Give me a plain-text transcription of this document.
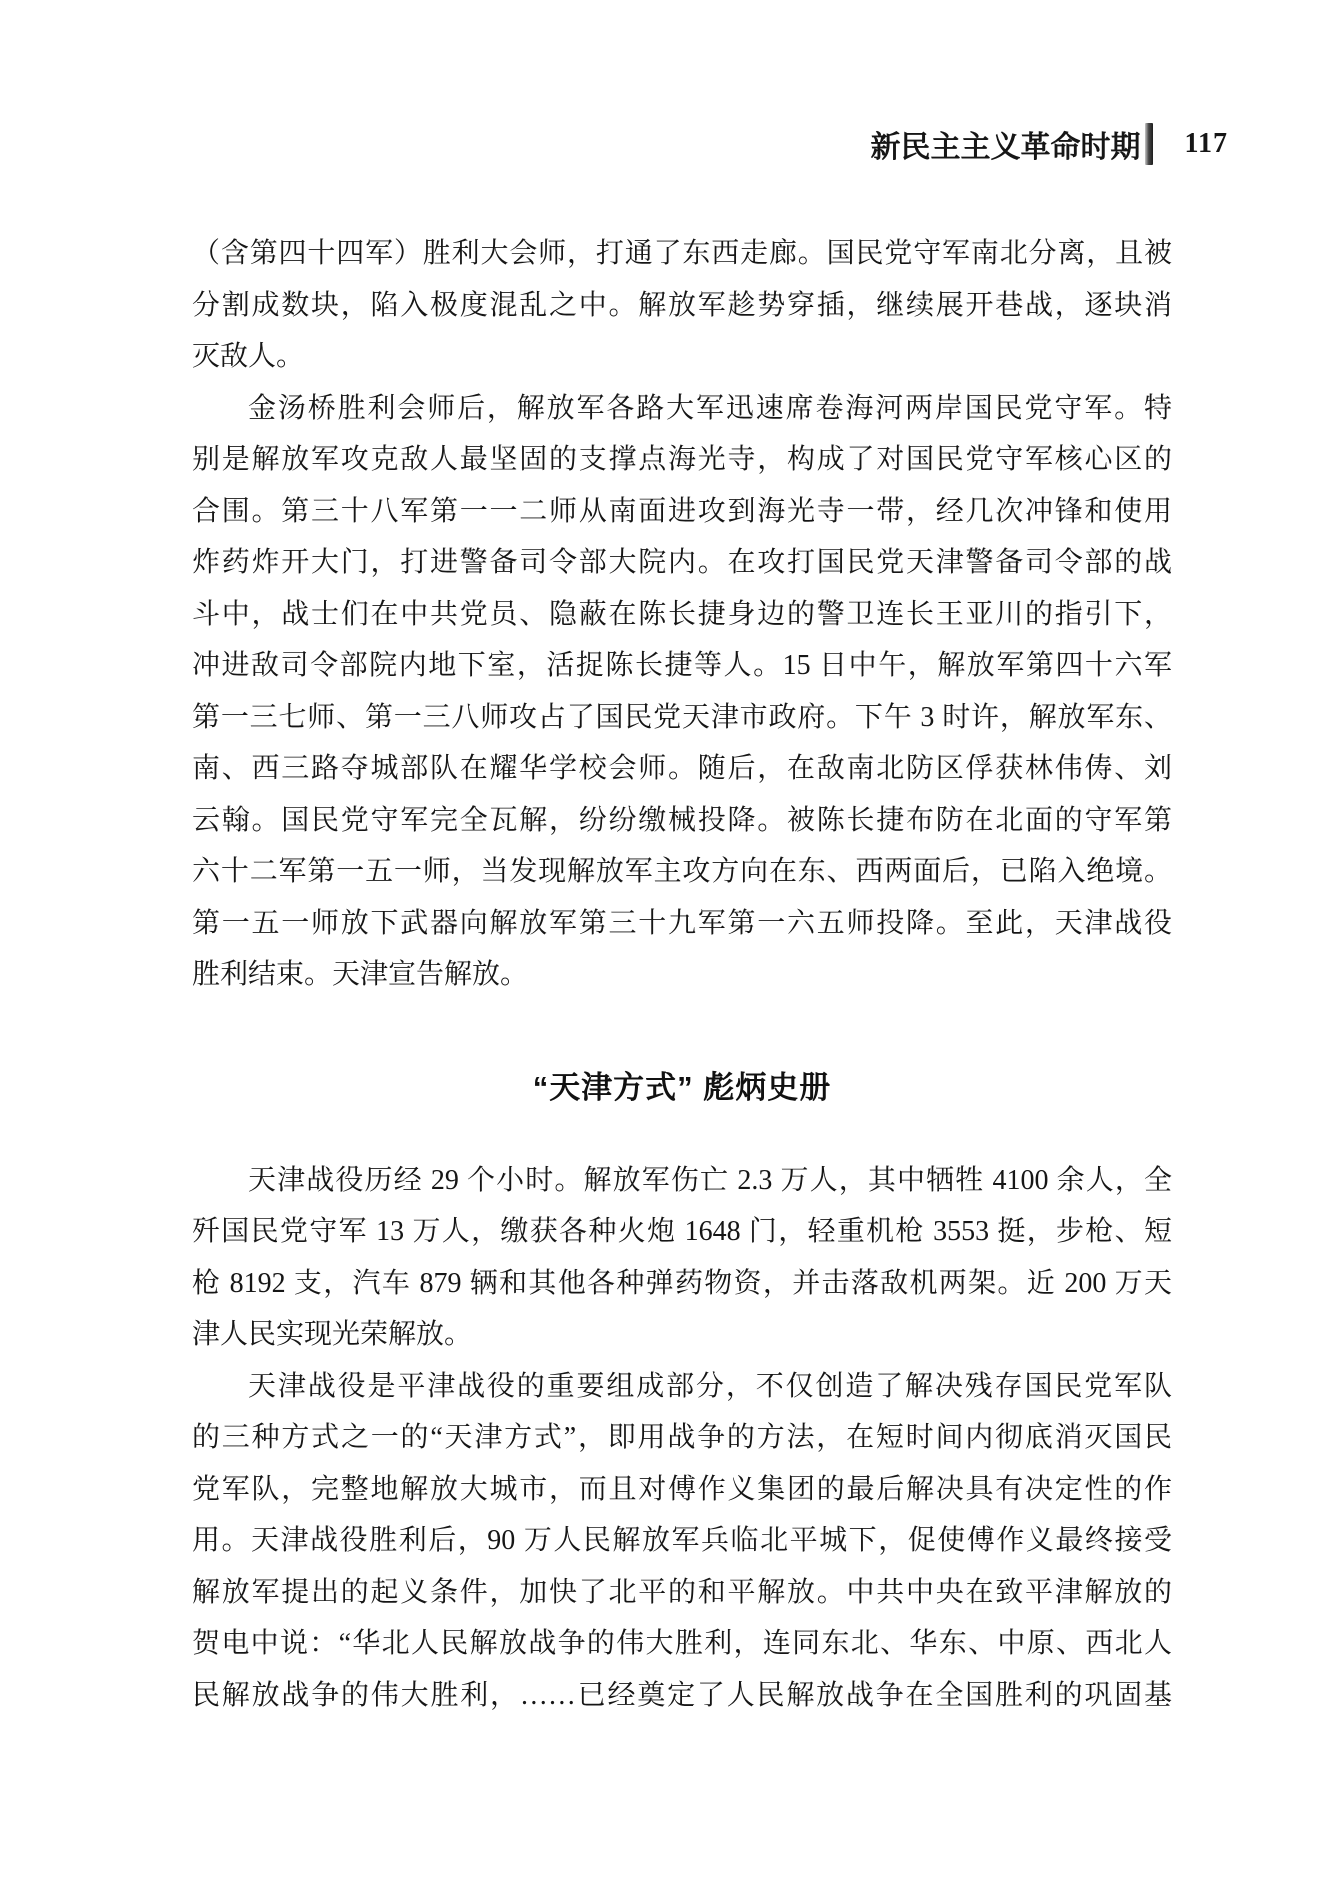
新民主主义革命时期 117
（含第四十四军）胜利大会师，打通了东西走廊。国民党守军南北分离，且被
分割成数块，陷入极度混乱之中。解放军趁势穿插，继续展开巷战，逐块消
灭敌人。
金汤桥胜利会师后，解放军各路大军迅速席卷海河两岸国民党守军。特
别是解放军攻克敌人最坚固的支撑点海光寺，构成了对国民党守军核心区的
合围。第三十八军第一一二师从南面进攻到海光寺一带，经几次冲锋和使用
炸药炸开大门，打进警备司令部大院内。在攻打国民党天津警备司令部的战
斗中，战士们在中共党员、隐蔽在陈长捷身边的警卫连长王亚川的指引下，
冲进敌司令部院内地下室，活捉陈长捷等人。15 日中午，解放军第四十六军
第一三七师、第一三八师攻占了国民党天津市政府。下午 3 时许，解放军东、
南、西三路夺城部队在耀华学校会师。随后，在敌南北防区俘获林伟俦、刘
云翰。国民党守军完全瓦解，纷纷缴械投降。被陈长捷布防在北面的守军第
六十二军第一五一师，当发现解放军主攻方向在东、西两面后，已陷入绝境。
第一五一师放下武器向解放军第三十九军第一六五师投降。至此，天津战役
胜利结束。天津宣告解放。
“天津方式” 彪炳史册
天津战役历经 29 个小时。解放军伤亡 2.3 万人，其中牺牲 4100 余人，全
歼国民党守军 13 万人，缴获各种火炮 1648 门，轻重机枪 3553 挺，步枪、短
枪 8192 支，汽车 879 辆和其他各种弹药物资，并击落敌机两架。近 200 万天
津人民实现光荣解放。
天津战役是平津战役的重要组成部分，不仅创造了解决残存国民党军队
的三种方式之一的“天津方式”，即用战争的方法，在短时间内彻底消灭国民
党军队，完整地解放大城市，而且对傅作义集团的最后解决具有决定性的作
用。天津战役胜利后，90 万人民解放军兵临北平城下，促使傅作义最终接受
解放军提出的起义条件，加快了北平的和平解放。中共中央在致平津解放的
贺电中说：“华北人民解放战争的伟大胜利，连同东北、华东、中原、西北人
民解放战争的伟大胜利，……已经奠定了人民解放战争在全国胜利的巩固基
